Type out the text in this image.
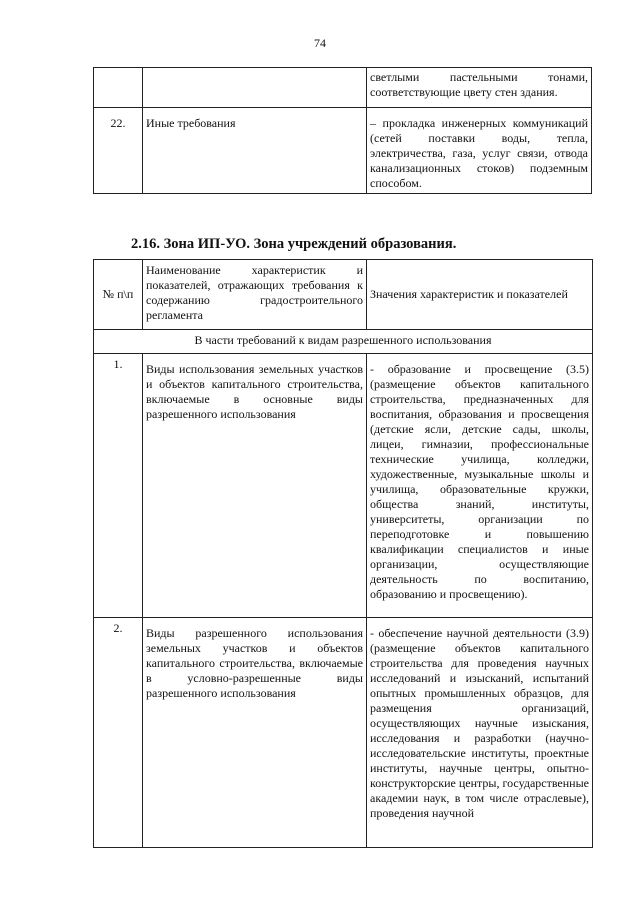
74
		светлыми пастельными тонами, соответствующие цвету стен здания.
22.	Иные требования	– прокладка инженерных коммуникаций (сетей поставки воды, тепла, электричества, газа, услуг связи, отвода канализационных стоков) подземным способом.
2.16. Зона ИП-УО. Зона учреждений образования.
№ п\п	Наименование характеристик и показателей, отражающих требования к содержанию градостроительного регламента	Значения характеристик и показателей
В части требований к видам разрешенного использования		
1.	Виды использования земельных участков и объектов капитального строительства, включаемые в основные виды разрешенного использования	- образование и просвещение (3.5) (размещение объектов капитального строительства, предназначенных для воспитания, образования и просвещения (детские ясли, детские сады, школы, лицеи, гимназии, профессиональные технические училища, колледжи, художественные, музыкальные школы и училища, образовательные кружки, общества знаний, институты, университеты, организации по переподготовке и повышению квалификации специалистов и иные организации, осуществляющие деятельность по воспитанию, образованию и просвещению).
2.	Виды разрешенного использования земельных участков и объектов капитального строительства, включаемые в условно-разрешенные виды разрешенного использования	- обеспечение научной деятельности (3.9) (размещение объектов капитального строительства для проведения научных исследований и изысканий, испытаний опытных промышленных образцов, для размещения организаций, осуществляющих научные изыскания, исследования и разработки (научно-исследовательские институты, проектные институты, научные центры, опытно-конструкторские центры, государственные академии наук, в том числе отраслевые), проведения научной
